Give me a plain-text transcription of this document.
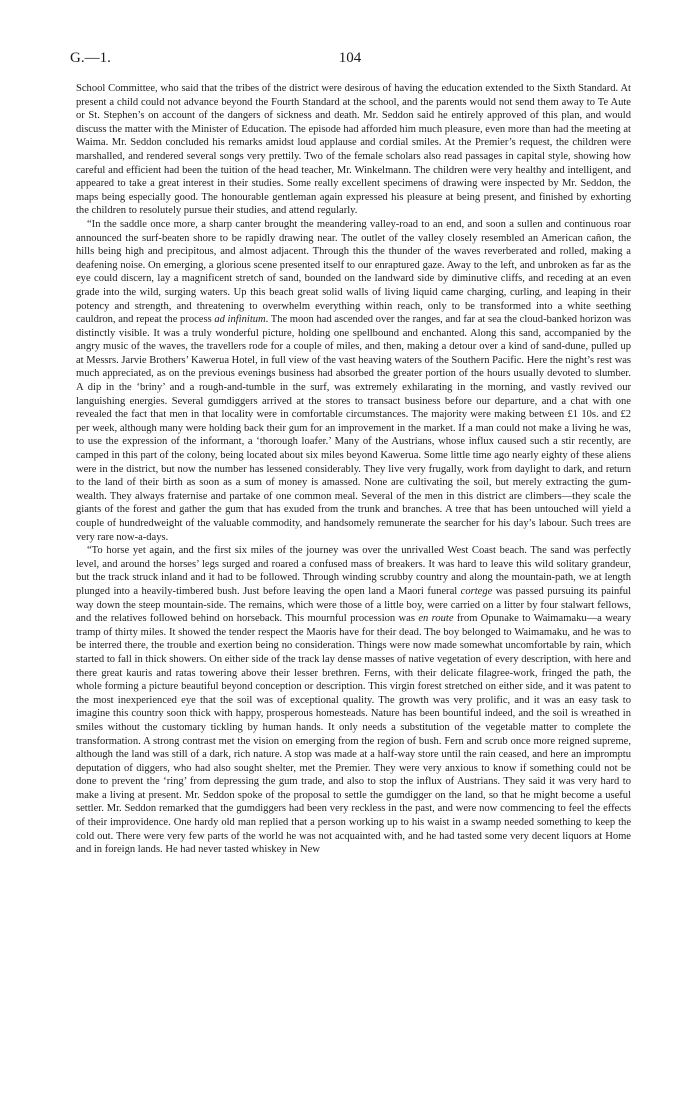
G.—1.	104

School Committee, who said that the tribes of the district were desirous of having the education extended to the Sixth Standard. At present a child could not advance beyond the Fourth Standard at the school, and the parents would not send them away to Te Aute or St. Stephen’s on account of the dangers of sickness and death. Mr. Seddon said he entirely approved of this plan, and would discuss the matter with the Minister of Education. The episode had afforded him much pleasure, even more than had the meeting at Waima. Mr. Seddon concluded his remarks amidst loud applause and cordial smiles. At the Premier’s request, the children were marshalled, and rendered several songs very prettily. Two of the female scholars also read passages in capital style, showing how careful and efficient had been the tuition of the head teacher, Mr. Winkelmann. The children were very healthy and intelligent, and appeared to take a great interest in their studies. Some really excellent specimens of drawing were inspected by Mr. Seddon, the maps being especially good. The honourable gentleman again expressed his pleasure at being present, and finished by exhorting the children to resolutely pursue their studies, and attend regularly.

“In the saddle once more, a sharp canter brought the meandering valley-road to an end, and soon a sullen and continuous roar announced the surf-beaten shore to be rapidly drawing near. The outlet of the valley closely resembled an American cañon, the hills being high and precipitous, and almost adjacent. Through this the thunder of the waves reverberated and rolled, making a deafening noise. On emerging, a glorious scene presented itself to our enraptured gaze. Away to the left, and unbroken as far as the eye could discern, lay a magnificent stretch of sand, bounded on the landward side by diminutive cliffs, and receding at an even grade into the wild, surging waters. Up this beach great solid walls of living liquid came charging, curling, and leaping in their potency and strength, and threatening to overwhelm everything within reach, only to be transformed into a white seething cauldron, and repeat the process ad infinitum. The moon had ascended over the ranges, and far at sea the cloud-banked horizon was distinctly visible. It was a truly wonderful picture, holding one spellbound and enchanted. Along this sand, accompanied by the angry music of the waves, the travellers rode for a couple of miles, and then, making a detour over a kind of sand-dune, pulled up at Messrs. Jarvie Brothers’ Kawerua Hotel, in full view of the vast heaving waters of the Southern Pacific. Here the night’s rest was much appreciated, as on the previous evenings business had absorbed the greater portion of the hours usually devoted to slumber. A dip in the ‘briny’ and a rough-and-tumble in the surf, was extremely exhilarating in the morning, and vastly revived our languishing energies. Several gumdiggers arrived at the stores to transact business before our departure, and a chat with one revealed the fact that men in that locality were in comfortable circumstances. The majority were making between £1 10s. and £2 per week, although many were holding back their gum for an improvement in the market. If a man could not make a living he was, to use the expression of the informant, a ‘thorough loafer.’ Many of the Austrians, whose influx caused such a stir recently, are camped in this part of the colony, being located about six miles beyond Kawerua. Some little time ago nearly eighty of these aliens were in the district, but now the number has lessened considerably. They live very frugally, work from daylight to dark, and return to the land of their birth as soon as a sum of money is amassed. None are cultivating the soil, but merely extracting the gum-wealth. They always fraternise and partake of one common meal. Several of the men in this district are climbers—they scale the giants of the forest and gather the gum that has exuded from the trunk and branches. A tree that has been untouched will yield a couple of hundredweight of the valuable commodity, and handsomely remunerate the searcher for his day’s labour. Such trees are very rare now-a-days.

“To horse yet again, and the first six miles of the journey was over the unrivalled West Coast beach. The sand was perfectly level, and around the horses’ legs surged and roared a confused mass of breakers. It was hard to leave this wild solitary grandeur, but the track struck inland and it had to be followed. Through winding scrubby country and along the mountain-path, we at length plunged into a heavily-timbered bush. Just before leaving the open land a Maori funeral cortege was passed pursuing its painful way down the steep mountain-side. The remains, which were those of a little boy, were carried on a litter by four stalwart fellows, and the relatives followed behind on horseback. This mournful procession was en route from Opunake to Waimamaku—a weary tramp of thirty miles. It showed the tender respect the Maoris have for their dead. The boy belonged to Waimamaku, and he was to be interred there, the trouble and exertion being no consideration. Things were now made somewhat uncomfortable by rain, which started to fall in thick showers. On either side of the track lay dense masses of native vegetation of every description, with here and there great kauris and ratas towering above their lesser brethren. Ferns, with their delicate filagree-work, fringed the path, the whole forming a picture beautiful beyond conception or description. This virgin forest stretched on either side, and it was patent to the most inexperienced eye that the soil was of exceptional quality. The growth was very prolific, and it was an easy task to imagine this country soon thick with happy, prosperous homesteads. Nature has been bountiful indeed, and the soil is wreathed in smiles without the customary tickling by human hands. It only needs a substitution of the vegetable matter to complete the transformation. A strong contrast met the vision on emerging from the region of bush. Fern and scrub once more reigned supreme, although the land was still of a dark, rich nature. A stop was made at a half-way store until the rain ceased, and here an impromptu deputation of diggers, who had also sought shelter, met the Premier. They were very anxious to know if something could not be done to prevent the ‘ring’ from depressing the gum trade, and also to stop the influx of Austrians. They said it was very hard to make a living at present. Mr. Seddon spoke of the proposal to settle the gumdigger on the land, so that he might become a useful settler. Mr. Seddon remarked that the gumdiggers had been very reckless in the past, and were now commencing to feel the effects of their improvidence. One hardy old man replied that a person working up to his waist in a swamp needed something to keep the cold out. There were very few parts of the world he was not acquainted with, and he had tasted some very decent liquors at Home and in foreign lands. He had never tasted whiskey in New
